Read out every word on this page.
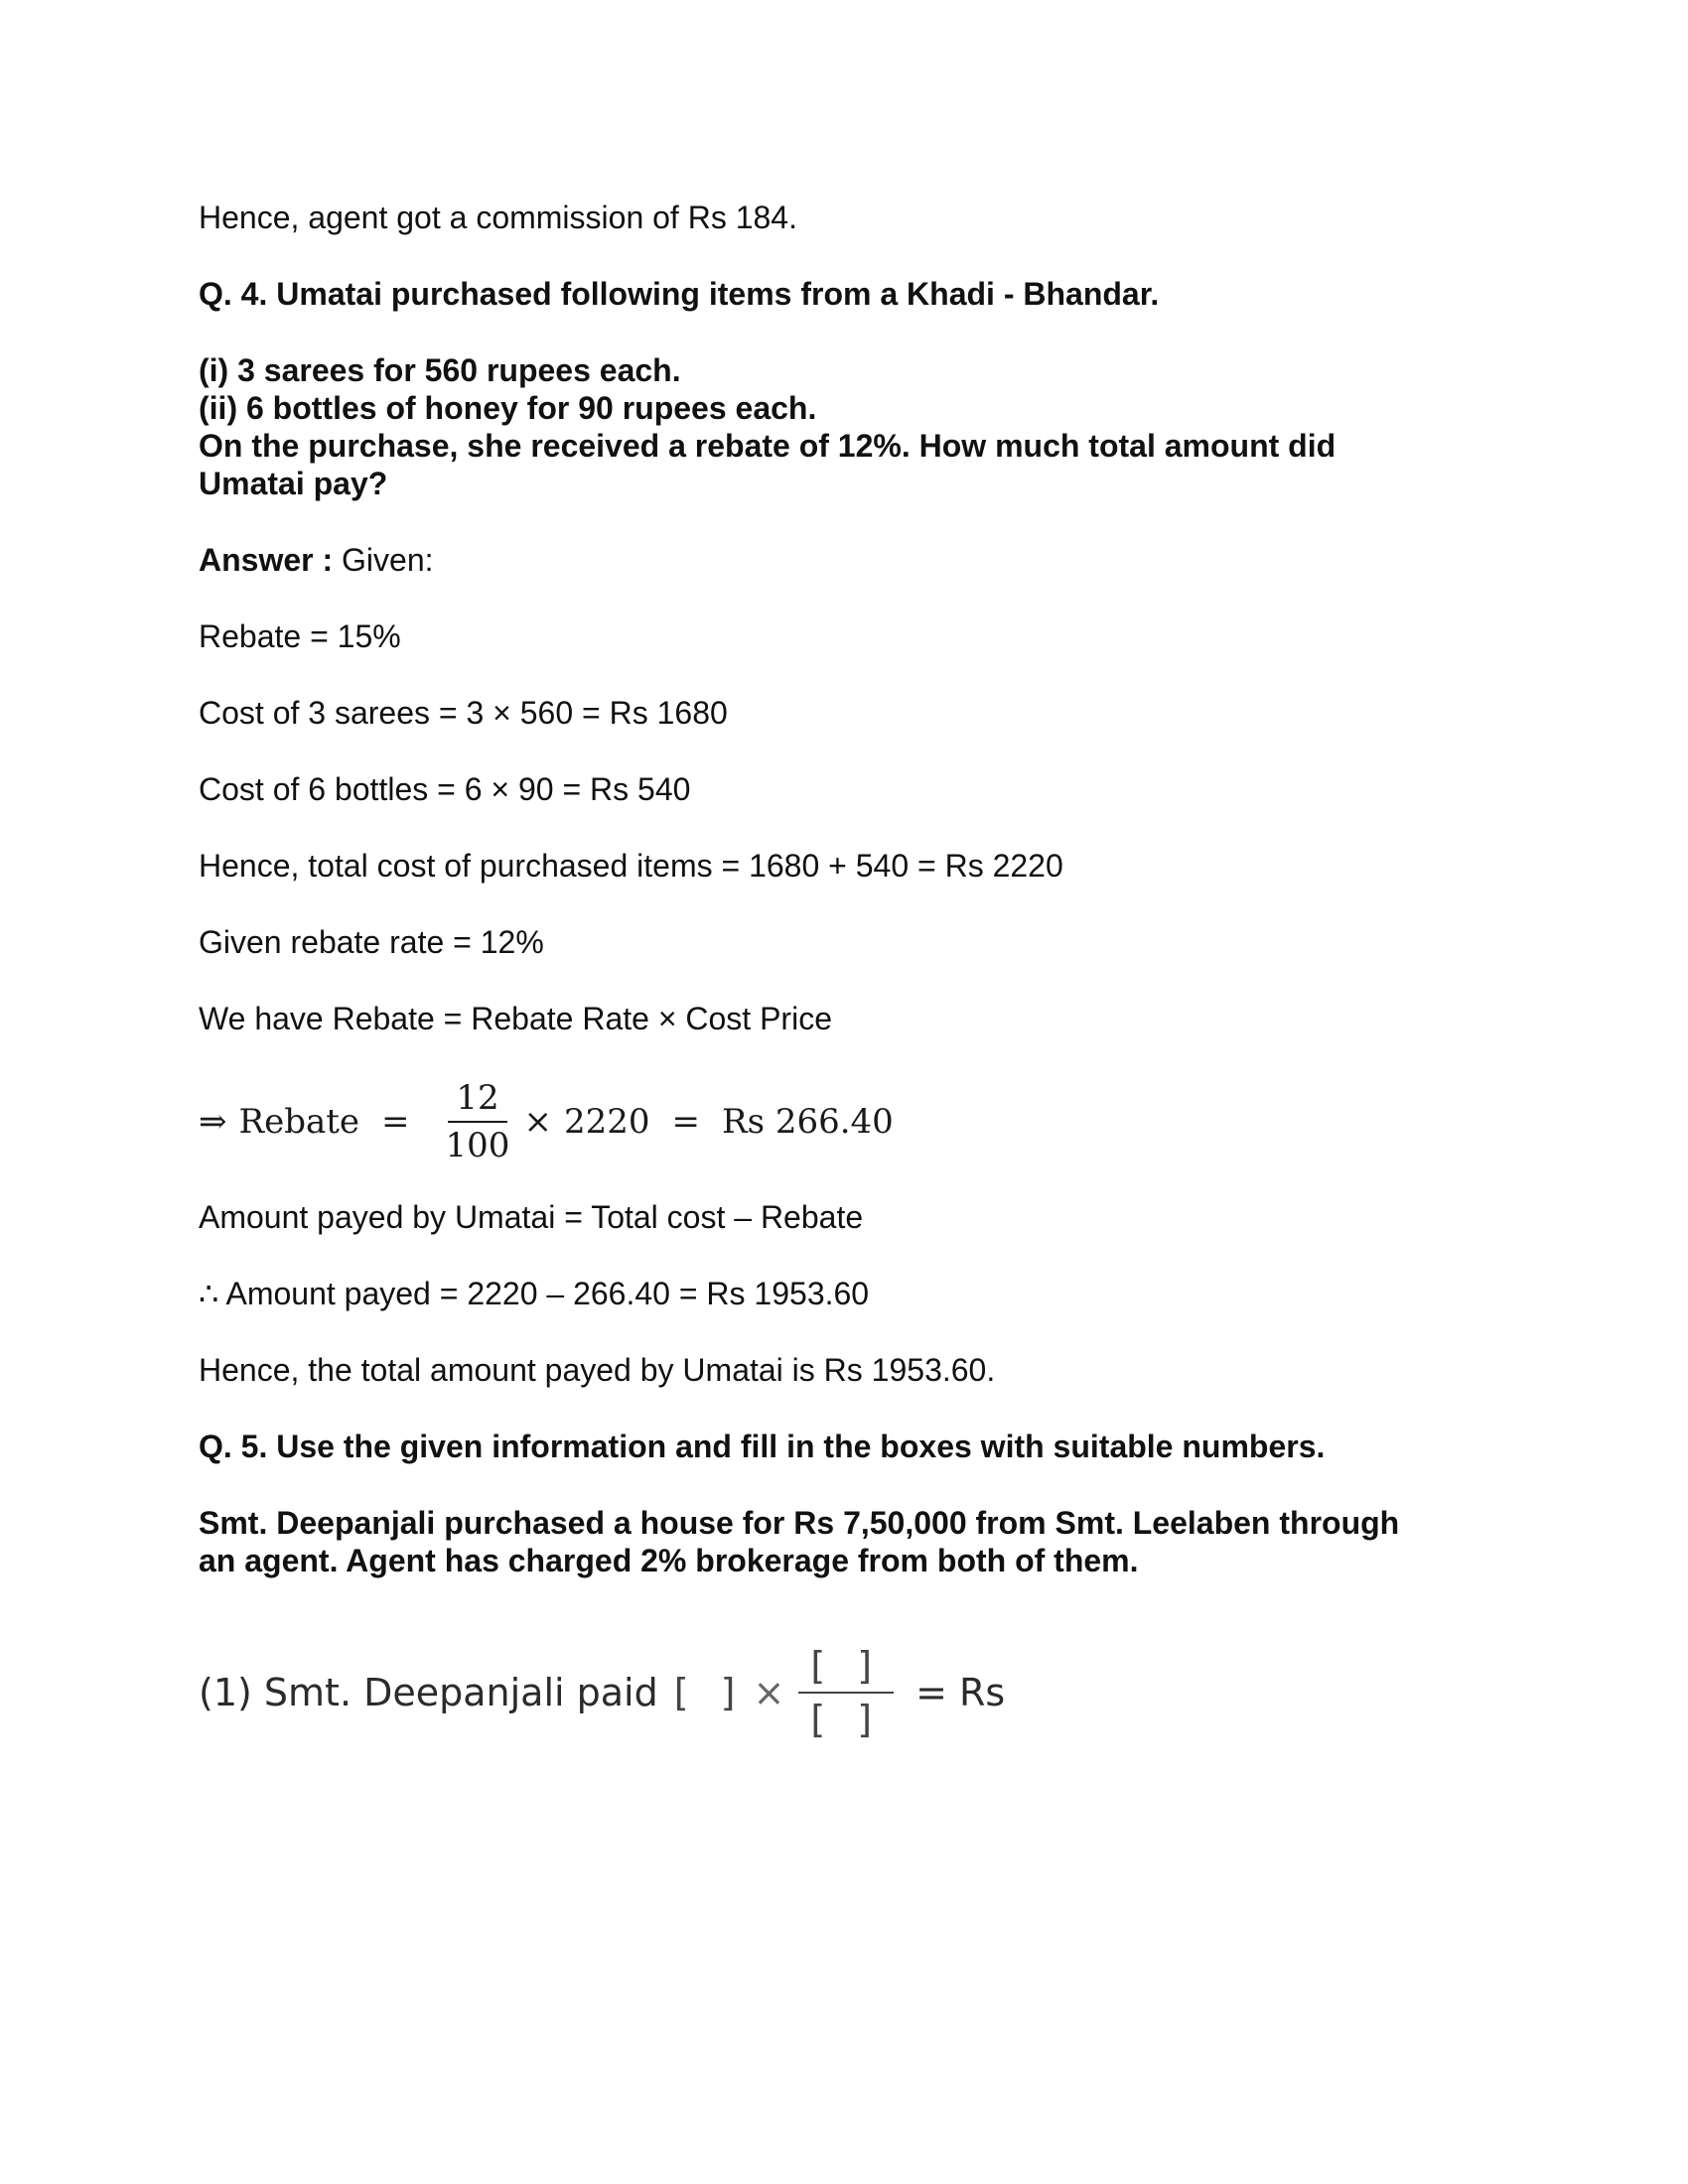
Hence, agent got a commission of Rs 184.
Q. 4. Umatai purchased following items from a Khadi - Bhandar.
(i) 3 sarees for 560 rupees each.
(ii) 6 bottles of honey for 90 rupees each.
On the purchase, she received a rebate of 12%. How much total amount did
Umatai pay?
Answer : Given:
Rebate = 15%
Cost of 3 sarees = 3 × 560 = Rs 1680
Cost of 6 bottles = 6 × 90 = Rs 540
Hence, total cost of purchased items = 1680 + 540 = Rs 2220
Given rebate rate = 12%
We have Rebate = Rebate Rate × Cost Price
⇒ Rebate = $\frac{12}{100} \times 2220 = Rs$ 266.40
Amount payed by Umatai = Total cost – Rebate
∴ Amount payed = 2220 – 266.40 = Rs 1953.60
Hence, the total amount payed by Umatai is Rs 1953.60.
Q. 5. Use the given information and fill in the boxes with suitable numbers.
Smt. Deepanjali purchased a house for Rs 7,50,000 from Smt. Leelaben through
an agent. Agent has charged 2% brokerage from both of them.
(1) Smt. Deepanjali paid [ ] × $\frac{[ ]}{[ ]} = Rs$
